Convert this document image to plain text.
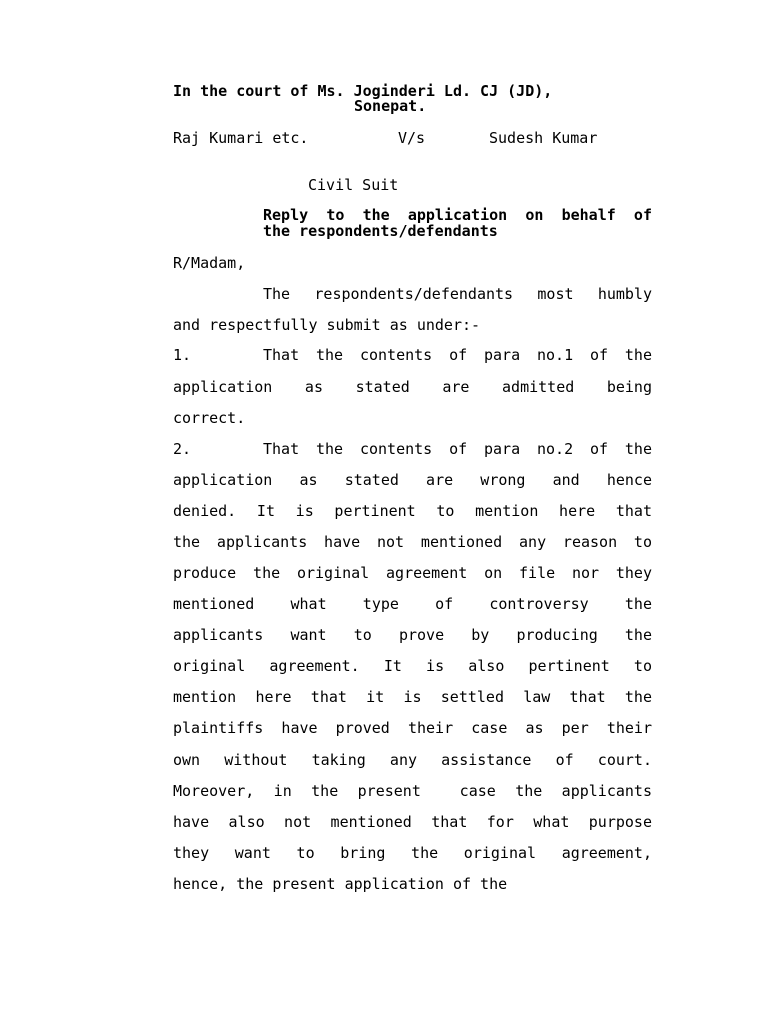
In the court of Ms. Joginderi Ld. CJ (JD),
Sonepat.
Raj Kumari etc.	V/s	Sudesh Kumar
Civil Suit
Reply to the application on behalf of
the respondents/defendants
R/Madam,
The respondents/defendants most humbly
and respectfully submit as under:-
1.	That the contents of para no.1 of the
application as stated are admitted being
correct.
2.	That the contents of para no.2 of the
application as stated are wrong and hence
denied. It is pertinent to mention here that
the applicants have not mentioned any reason to
produce the original agreement on file nor they
mentioned what type of controversy the
applicants want to prove by producing the
original agreement. It is also pertinent to
mention here that it is settled law that the
plaintiffs have proved their case as per their
own without taking any assistance of court.
Moreover, in the present  case the applicants
have also not mentioned that for what purpose
they want to bring the original agreement,
hence, the present application of the
